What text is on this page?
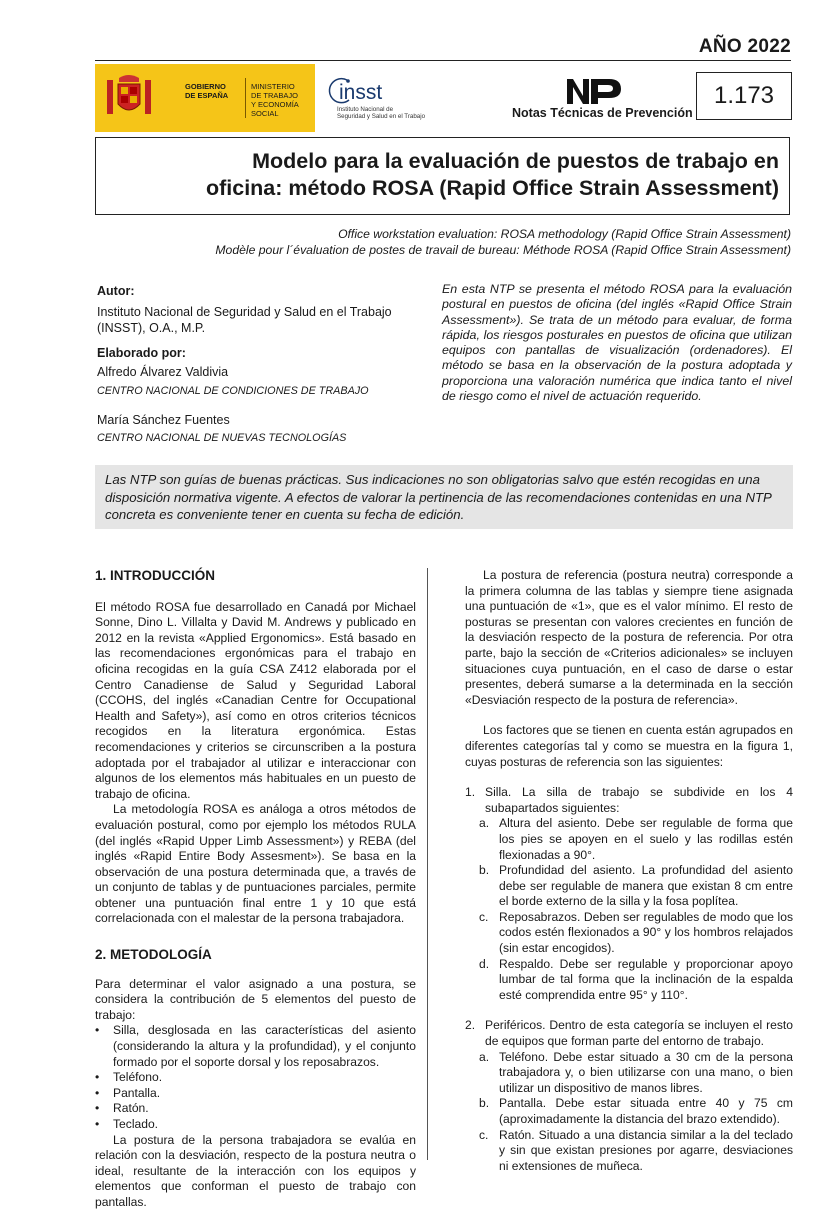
AÑO 2022
GOBIERNO
DE ESPAÑA
MINISTERIO
DE TRABAJO
Y ECONOMÍA SOCIAL
insst
Instituto Nacional de
Seguridad y Salud en el Trabajo	Notas Técnicas de Prevención
1.173
Modelo para la evaluación de puestos de trabajo en
oficina: método ROSA (Rapid Office Strain Assessment)
Office workstation evaluation: ROSA methodology (Rapid Office Strain Assessment)
Modèle pour l´évaluation de postes de travail de bureau: Méthode ROSA (Rapid Office Strain Assessment)
Autor:
Instituto Nacional de Seguridad y Salud en el Trabajo
(INSST), O.A., M.P.
Elaborado por:
Alfredo Álvarez Valdivia
CENTRO NACIONAL DE CONDICIONES DE TRABAJO
María Sánchez Fuentes
CENTRO NACIONAL DE NUEVAS TECNOLOGÍAS
En esta NTP se presenta el método ROSA para la evaluación postural en puestos de oficina (del inglés «Rapid Office Strain Assessment»). Se trata de un método para evaluar, de forma rápida, los riesgos posturales en puestos de oficina que utilizan equipos con pantallas de visualización (ordenadores). El método se basa en la observación de la postura adoptada y proporciona una valoración numérica que indica tanto el nivel de riesgo como el nivel de actuación requerido.
Las NTP son guías de buenas prácticas. Sus indicaciones no son obligatorias salvo que estén recogidas en una disposición normativa vigente. A efectos de valorar la pertinencia de las recomendaciones contenidas en una NTP concreta es conveniente tener en cuenta su fecha de edición.
1. INTRODUCCIÓN

El método ROSA fue desarrollado en Canadá por Michael Sonne, Dino L. Villalta y David M. Andrews y publicado en 2012 en la revista «Applied Ergonomics». Está basado en las recomendaciones ergonómicas para el trabajo en oficina recogidas en la guía CSA Z412 elaborada por el Centro Canadiense de Salud y Seguridad Laboral (CCOHS, del inglés «Canadian Centre for Occupational Health and Safety»), así como en otros criterios técnicos recogidos en la literatura ergonómica. Estas recomendaciones y criterios se circunscriben a la postura adoptada por el trabajador al utilizar e interaccionar con algunos de los elementos más habituales en un puesto de trabajo de oficina.

La metodología ROSA es análoga a otros métodos de evaluación postural, como por ejemplo los métodos RULA (del inglés «Rapid Upper Limb Assessment») y REBA (del inglés «Rapid Entire Body Assesment»). Se basa en la observación de una postura determinada que, a través de un conjunto de tablas y de puntuaciones parciales, permite obtener una puntuación final entre 1 y 10 que está correlacionada con el malestar de la persona trabajadora.

2. METODOLOGÍA

Para determinar el valor asignado a una postura, se considera la contribución de 5 elementos del puesto de trabajo:

• Silla, desglosada en las características del asiento (considerando la altura y la profundidad), y el conjunto formado por el soporte dorsal y los reposabrazos.
• Teléfono.
• Pantalla.
• Ratón.
• Teclado.

La postura de la persona trabajadora se evalúa en relación con la desviación, respecto de la postura neutra o ideal, resultante de la interacción con los equipos y elementos que conforman el puesto de trabajo con pantallas.

La postura de referencia (postura neutra) corresponde a la primera columna de las tablas y siempre tiene asignada una puntuación de «1», que es el valor mínimo. El resto de posturas se presentan con valores crecientes en función de la desviación respecto de la postura de referencia. Por otra parte, bajo la sección de «Criterios adicionales» se incluyen situaciones cuya puntuación, en el caso de darse o estar presentes, deberá sumarse a la determinada en la sección «Desviación respecto de la postura de referencia».

Los factores que se tienen en cuenta están agrupados en diferentes categorías tal y como se muestra en la figura 1, cuyas posturas de referencia son las siguientes:

1. Silla. La silla de trabajo se subdivide en los 4 subapartados siguientes:
a. Altura del asiento. Debe ser regulable de forma que los pies se apoyen en el suelo y las rodillas estén flexionadas a 90°.
b. Profundidad del asiento. La profundidad del asiento debe ser regulable de manera que existan 8 cm entre el borde externo de la silla y la fosa poplítea.
c. Reposabrazos. Deben ser regulables de modo que los codos estén flexionados a 90° y los hombros relajados (sin estar encogidos).
d. Respaldo. Debe ser regulable y proporcionar apoyo lumbar de tal forma que la inclinación de la espalda esté comprendida entre 95° y 110°.
2. Periféricos. Dentro de esta categoría se incluyen el resto de equipos que forman parte del entorno de trabajo.
a. Teléfono. Debe estar situado a 30 cm de la persona trabajadora y, o bien utilizarse con una mano, o bien utilizar un dispositivo de manos libres.
b. Pantalla. Debe estar situada entre 40 y 75 cm (aproximadamente la distancia del brazo extendido).
c. Ratón. Situado a una distancia similar a la del teclado y sin que existan presiones por agarre, desviaciones ni extensiones de muñeca.
